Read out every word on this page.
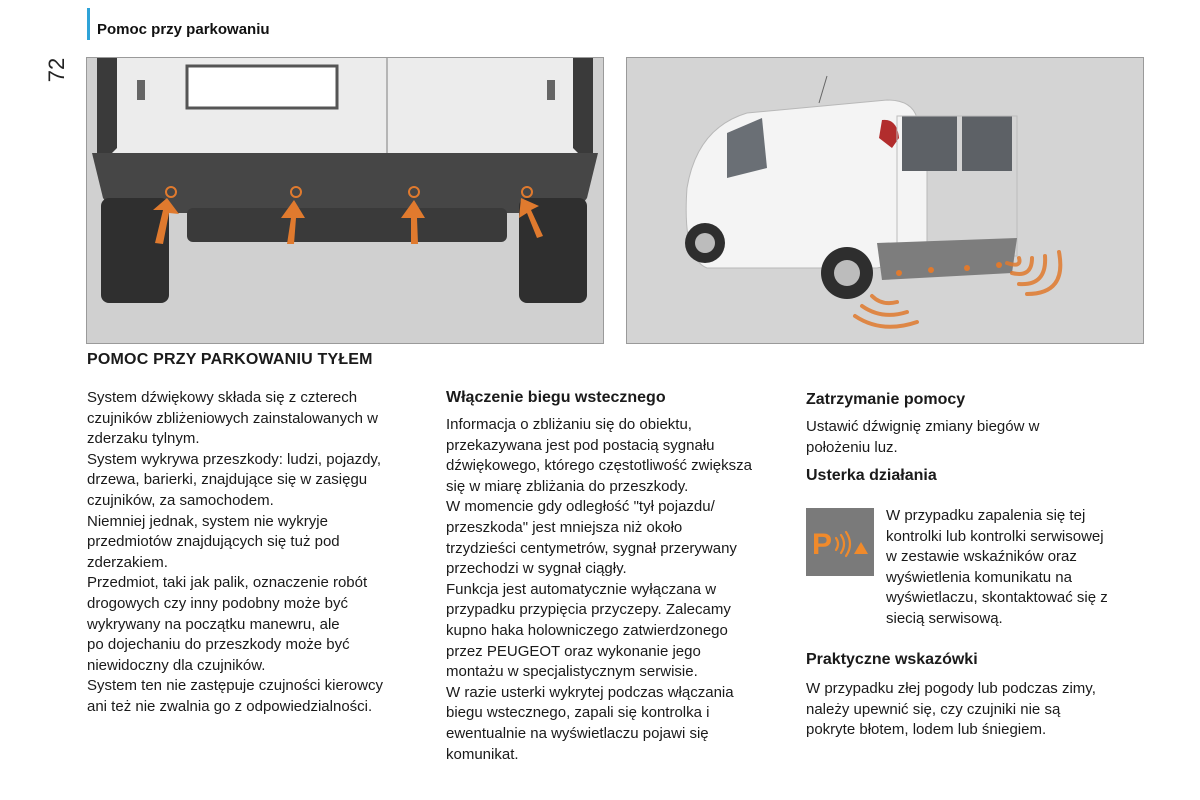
Pomoc przy parkowaniu
72
POMOC PRZY PARKOWANIU TYŁEM
System dźwiękowy składa się z czterech
czujników zbliżeniowych zainstalowanych w
zderzaku tylnym.
System wykrywa przeszkody: ludzi, pojazdy,
drzewa, barierki, znajdujące się w zasięgu
czujników, za samochodem.
Niemniej jednak, system nie wykryje
przedmiotów znajdujących się tuż pod
zderzakiem.
Przedmiot, taki jak palik, oznaczenie robót
drogowych czy inny podobny może być
wykrywany na początku manewru, ale
po dojechaniu do przeszkody może być
niewidoczny dla czujników.
System ten nie zastępuje czujności kierowcy
ani też nie zwalnia go z odpowiedzialności.
Włączenie biegu wstecznego
Informacja o zbliżaniu się do obiektu,
przekazywana jest pod postacią sygnału
dźwiękowego, którego częstotliwość zwiększa
się w miarę zbliżania do przeszkody.
W momencie gdy odległość "tył pojazdu/
przeszkoda" jest mniejsza niż około
trzydzieści centymetrów, sygnał przerywany
przechodzi w sygnał ciągły.
Funkcja jest automatycznie wyłączana w
przypadku przypięcia przyczepy. Zalecamy
kupno haka holowniczego zatwierdzonego
przez PEUGEOT oraz wykonanie jego
montażu w specjalistycznym serwisie.
W razie usterki wykrytej podczas włączania
biegu wstecznego, zapali się kontrolka i
ewentualnie na wyświetlaczu pojawi się
komunikat.
Zatrzymanie pomocy
Ustawić dźwignię zmiany biegów w
położeniu luz.
Usterka działania
P
W przypadku zapalenia się tej
kontrolki lub kontrolki serwisowej
w zestawie wskaźników oraz
wyświetlenia komunikatu na
wyświetlaczu, skontaktować się z
siecią serwisową.
Praktyczne wskazówki
W przypadku złej pogody lub podczas zimy,
należy upewnić się, czy czujniki nie są
pokryte błotem, lodem lub śniegiem.
